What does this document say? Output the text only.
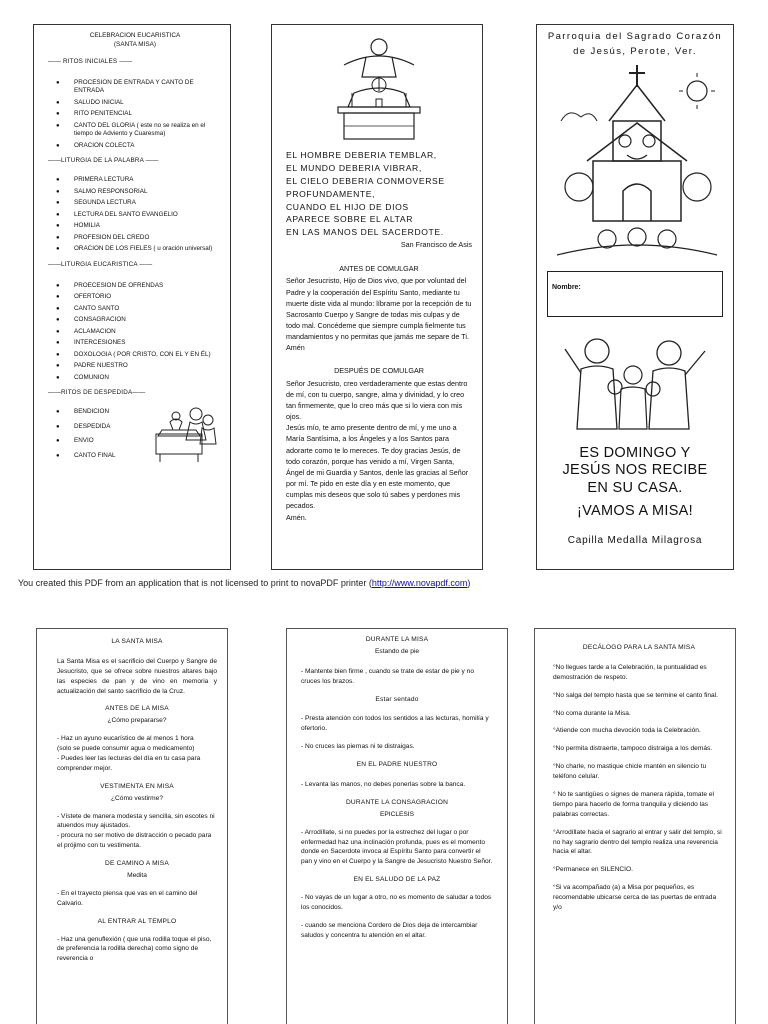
CELEBRACION EUCARISTICA
(SANTA MISA)
—— RITOS INICIALES ——
● PROCESION DE ENTRADA Y CANTO DE ENTRADA
● SALUDO INICIAL
● RITO PENITENCIAL
● CANTO DEL GLORIA ( este no se realiza en el tiempo de Adviento y Cuaresma)
● ORACION COLECTA
——LITURGIA DE LA PALABRA ——
● PRIMERA LECTURA
● SALMO RESPONSORIAL
● SEGUNDA LECTURA
● LECTURA DEL SANTO EVANGELIO
● HOMILIA
● PROFESION DEL CREDO
● ORACION DE LOS FIELES ( u oración universal)
——LITURGIA EUCARISTICA ——
● PROECESION DE OFRENDAS
● OFERTORIO
● CANTO SANTO
● CONSAGRACION
● ACLAMACION
● INTERCESIONES
● DOXOLOGIA ( POR CRISTO, CON EL Y EN ÉL)
● PADRE NUESTRO
● COMUNION
——RITOS DE DESPEDIDA——
● BENDICION
● DESPEDIDA
● ENVIO
● CANTO FINAL
EL HOMBRE DEBERIA TEMBLAR,
EL MUNDO DEBERIA VIBRAR,
EL CIELO DEBERIA CONMOVERSE
PROFUNDAMENTE,
CUANDO EL HIJO DE DIOS
APARECE SOBRE EL ALTAR
EN LAS MANOS DEL SACERDOTE.
San Francisco de Asis
ANTES DE COMULGAR
Señor Jesucristo, Hijo de Dios vivo, que por voluntad del Padre y la cooperación del Espíritu Santo, mediante tu muerte diste vida al mundo: líbrame por la recepción de tu Sacrosanto Cuerpo y Sangre de todas mis culpas y de todo mal. Concédeme que siempre cumpla fielmente tus mandamientos y no permitas que jamás me separe de Ti. Amén
DESPUÉS DE COMULGAR
Señor Jesucristo, creo verdaderamente que estas dentro de mí, con tu cuerpo, sangre, alma y divinidad, y lo creo tan firmemente, que lo creo más que si lo viera con mis ojos.
Jesús mío, te amo presente dentro de mí, y me uno a María Santísima, a los Ángeles y a los Santos para adorarte como te lo mereces. Te doy gracias Jesús, de todo corazón, porque has venido a mí, Virgen Santa, Ángel de mi Guardia y Santos, denle las gracias al Señor por mí. Te pido en este día y en este momento, que cumplas mis deseos que solo tú sabes y perdones mis pecados.
Amén.
Parroquia del Sagrado Corazón
de Jesús, Perote, Ver.
Nombre:
ES DOMINGO Y
JESÚS NOS RECIBE
EN SU CASA.
¡VAMOS A MISA!
Capilla Medalla Milagrosa
You created this PDF from an application that is not licensed to print to novaPDF printer (http://www.novapdf.com)
LA SANTA MISA

La Santa Misa es el sacrificio del Cuerpo y Sangre de Jesucristo, que se ofrece sobre nuestros altares bajo las especies de pan y de vino en memoria y actualización del santo sacrificio de la Cruz.

ANTES DE LA MISA
¿Cómo prepararse?

- Haz un ayuno eucarístico de al menos 1 hora

(solo se puede consumir agua o medicamento)

- Puedes leer las lecturas del día en tu casa para comprender mejor.

VESTIMENTA EN MISA
¿Cómo vestirme?

- Vístete de manera modesta y sencilla, sin escotes ni atuendos muy ajustados.

- procura no ser motivo de distracción o pecado para el prójimo con tu vestimenta.

DE CAMINO A MISA
Medita

- En el trayecto piensa que vas en el camino del Calvario.

AL ENTRAR AL TEMPLO

- Haz una genuflexión ( que una rodilla toque el piso, de preferencia la rodilla derecha) como signo de reverencia o

DURANTE LA MISA
Estando de pie

- Mantente bien firme , cuando se trate de estar de pie y no cruces los brazos.

Estar sentado

- Presta atención con todos los sentidos a las lecturas, homilía y ofertorio.

- No cruces las piernas ni te distraigas.

EN EL PADRE NUESTRO

- Levanta las manos, no debes ponerlas sobre la banca.

DURANTE LA CONSAGRACION
EPICLESIS

- Arrodíllate, si no puedes por la estrechez del lugar o por enfermedad haz una inclinación profunda, pues es el momento donde en Sacerdote invoca al Espíritu Santo para convertir el pan y vino en el Cuerpo y la Sangre de Jesucristo Nuestro Señor.

EN EL SALUDO DE LA PAZ

- No vayas de un lugar a otro, no es momento de saludar a todos los conocidos.

- cuando se menciona Cordero de Dios deja de intercambiar saludos y concentra tu atención en el altar.

DECÁLOGO PARA LA SANTA MISA

°No llegues tarde a la Celebración, la puntualidad es demostración de respeto.

°No salga del templo hasta que se termine el canto final.

°No coma durante la Misa.

°Atiende con mucha devoción toda la Celebración.

°No permita distraerte, tampoco distraiga a los demás.

°No charle, no mastique chicle mantén en silencio tu teléfono celular.

° No te santigües o signes de manera rápida, tomate el tiempo para hacerlo de forma tranquila y diciendo las palabras correctas.

°Arrodíllate hacia el sagrario al entrar y salir del templo, si no hay sagrario dentro del templo realiza una reverencia hacia el altar.

°Permanece en SILENCIO.

°Si va acompañado (a) a Misa por pequeños, es recomendable ubicarse cerca de las puertas de entrada y/o
